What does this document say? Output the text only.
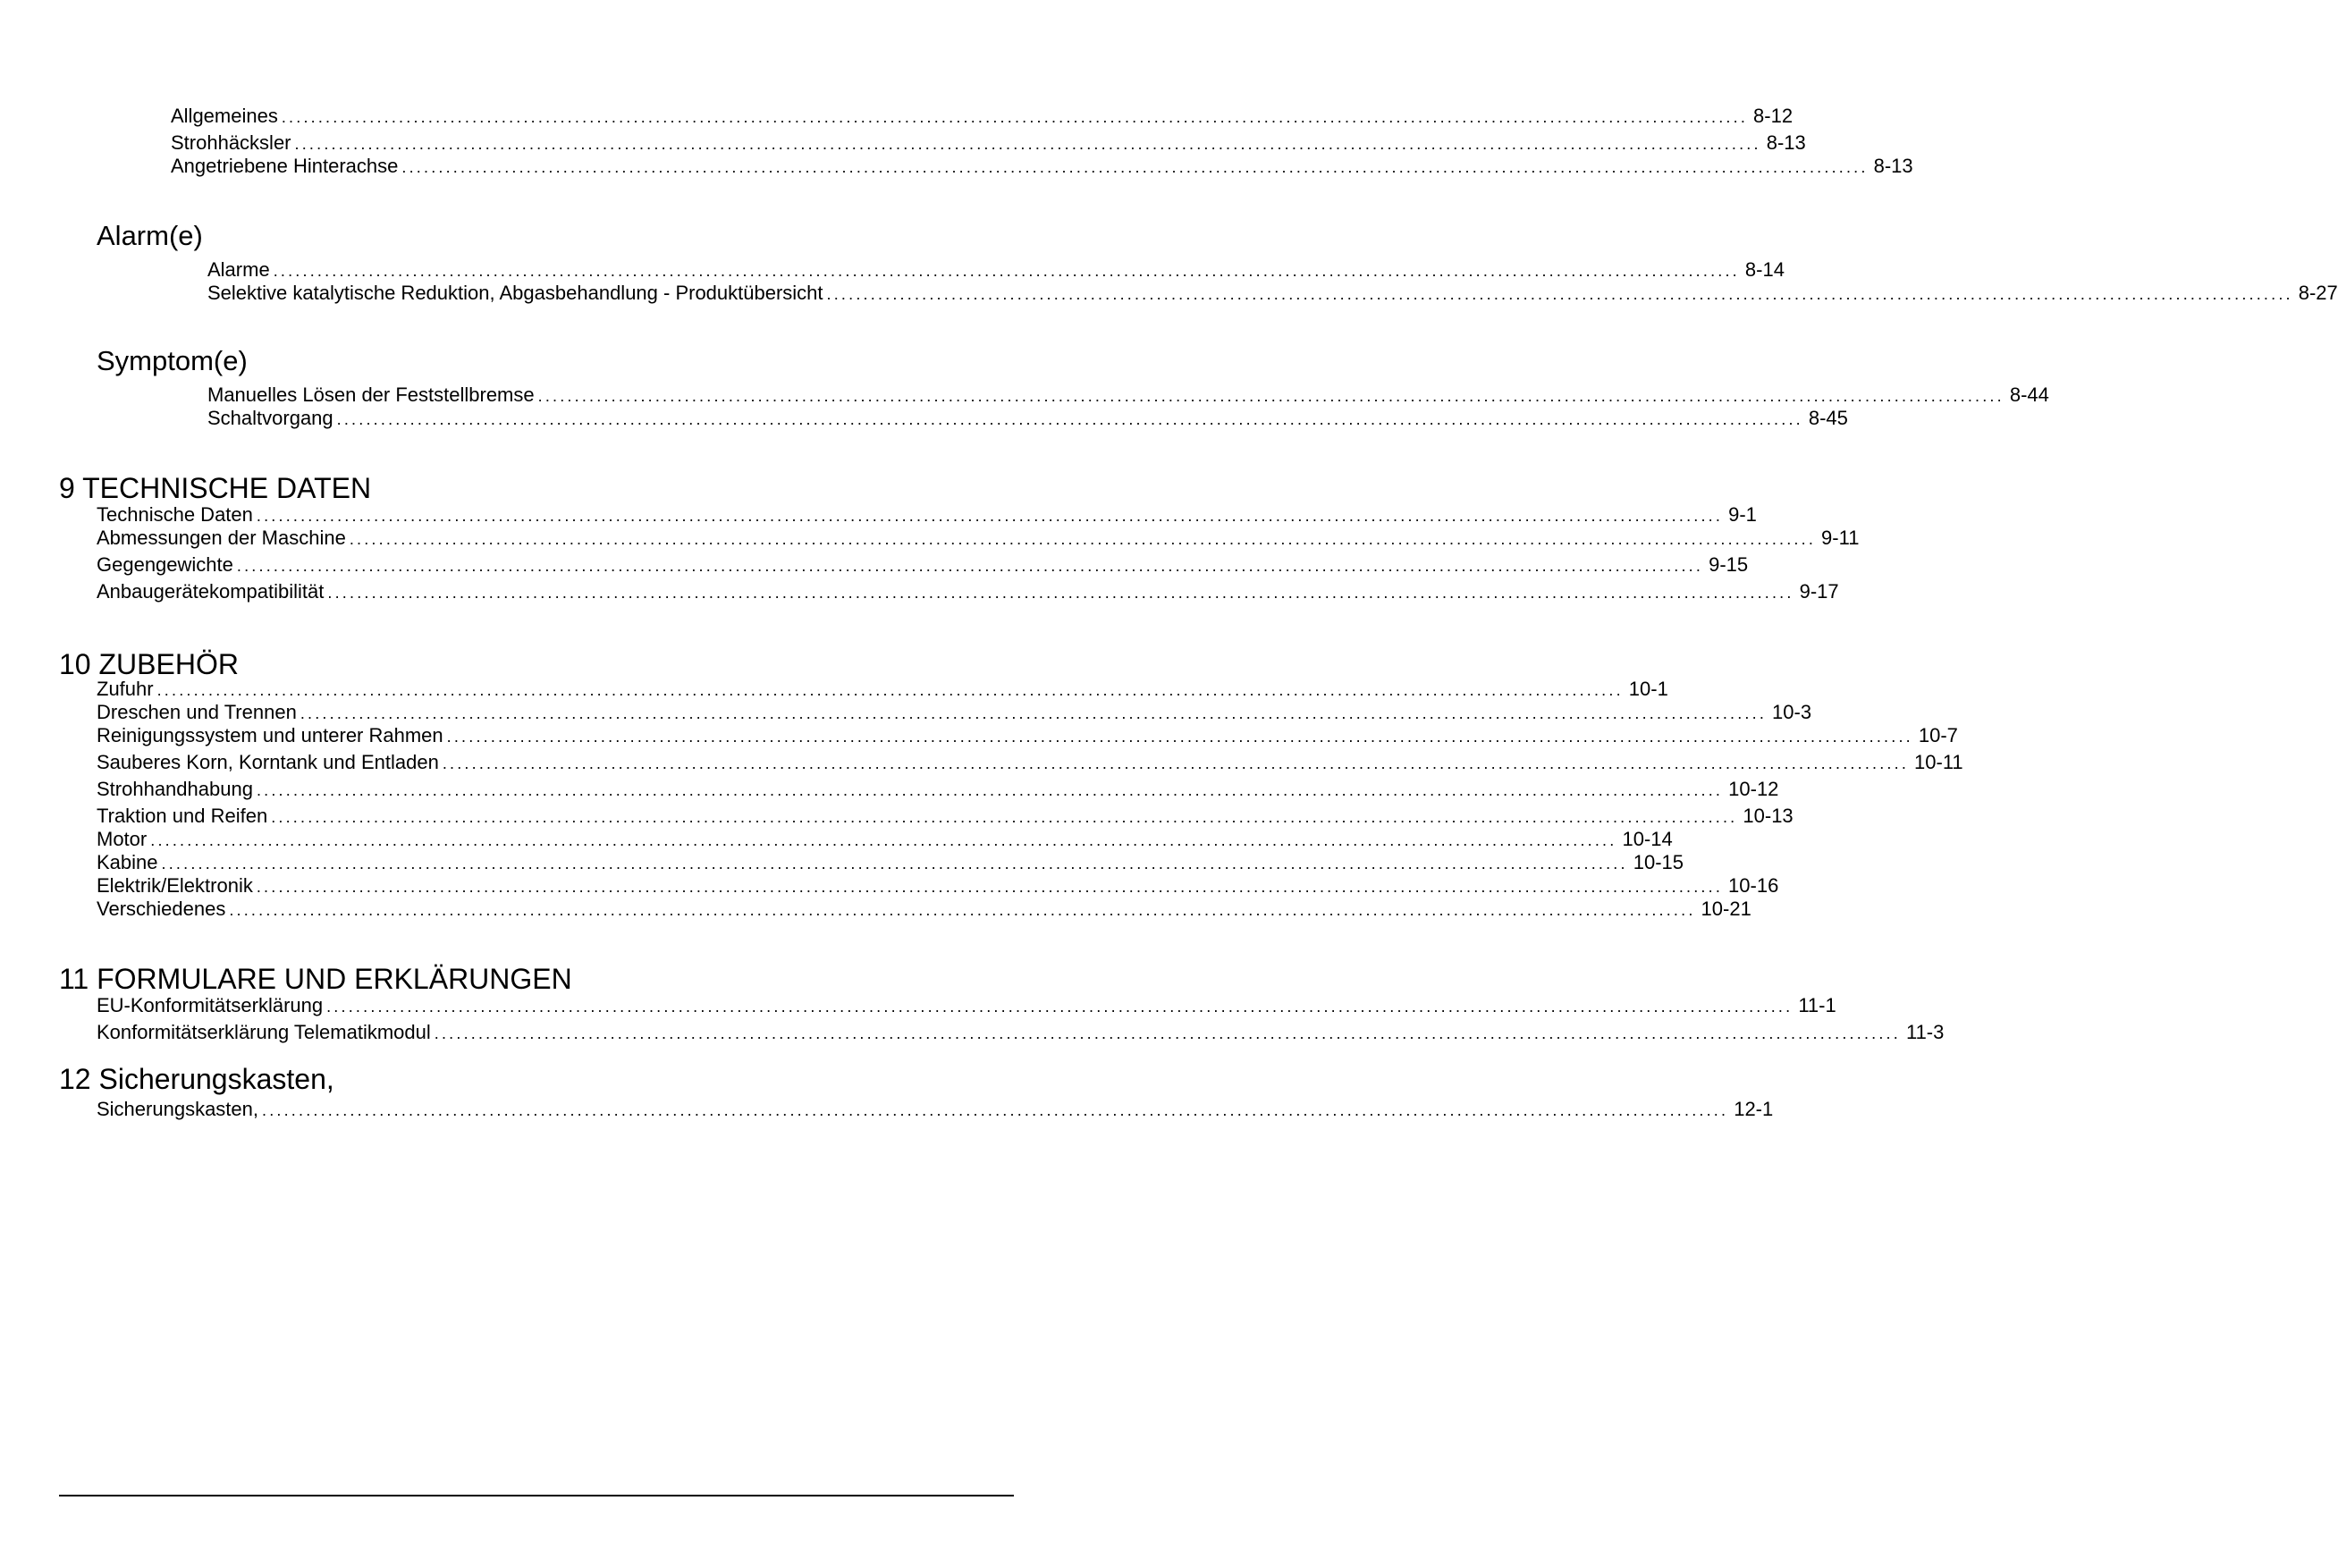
Allgemeines ........................................................................................................................................................................................................ 8-12
Strohhäcksler ........................................................................................................................................................................................................ 8-13
Angetriebene Hinterachse ........................................................................................................................................................................................................ 8-13
Alarm(e)
Alarme ........................................................................................................................................................................................................ 8-14
Selektive katalytische Reduktion, Abgasbehandlung - Produktübersicht ........................................................................................................................................................................................................ 8-27
Symptom(e)
Manuelles Lösen der Feststellbremse ........................................................................................................................................................................................................ 8-44
Schaltvorgang ........................................................................................................................................................................................................ 8-45
9 TECHNISCHE DATEN
Technische Daten ........................................................................................................................................................................................................ 9-1
Abmessungen der Maschine ........................................................................................................................................................................................................ 9-11
Gegengewichte ........................................................................................................................................................................................................ 9-15
Anbaugerätekompatibilität ........................................................................................................................................................................................................ 9-17
10 ZUBEHÖR
Zufuhr ........................................................................................................................................................................................................ 10-1
Dreschen und Trennen ........................................................................................................................................................................................................ 10-3
Reinigungssystem und unterer Rahmen ........................................................................................................................................................................................................ 10-7
Sauberes Korn, Korntank und Entladen ........................................................................................................................................................................................................ 10-11
Strohhandhabung ........................................................................................................................................................................................................ 10-12
Traktion und Reifen ........................................................................................................................................................................................................ 10-13
Motor ........................................................................................................................................................................................................ 10-14
Kabine ........................................................................................................................................................................................................ 10-15
Elektrik/Elektronik ........................................................................................................................................................................................................ 10-16
Verschiedenes ........................................................................................................................................................................................................ 10-21
11 FORMULARE UND ERKLÄRUNGEN
EU-Konformitätserklärung ........................................................................................................................................................................................................ 11-1
Konformitätserklärung Telematikmodul ........................................................................................................................................................................................................ 11-3
12 Sicherungskasten,
Sicherungskasten, ........................................................................................................................................................................................................ 12-1
